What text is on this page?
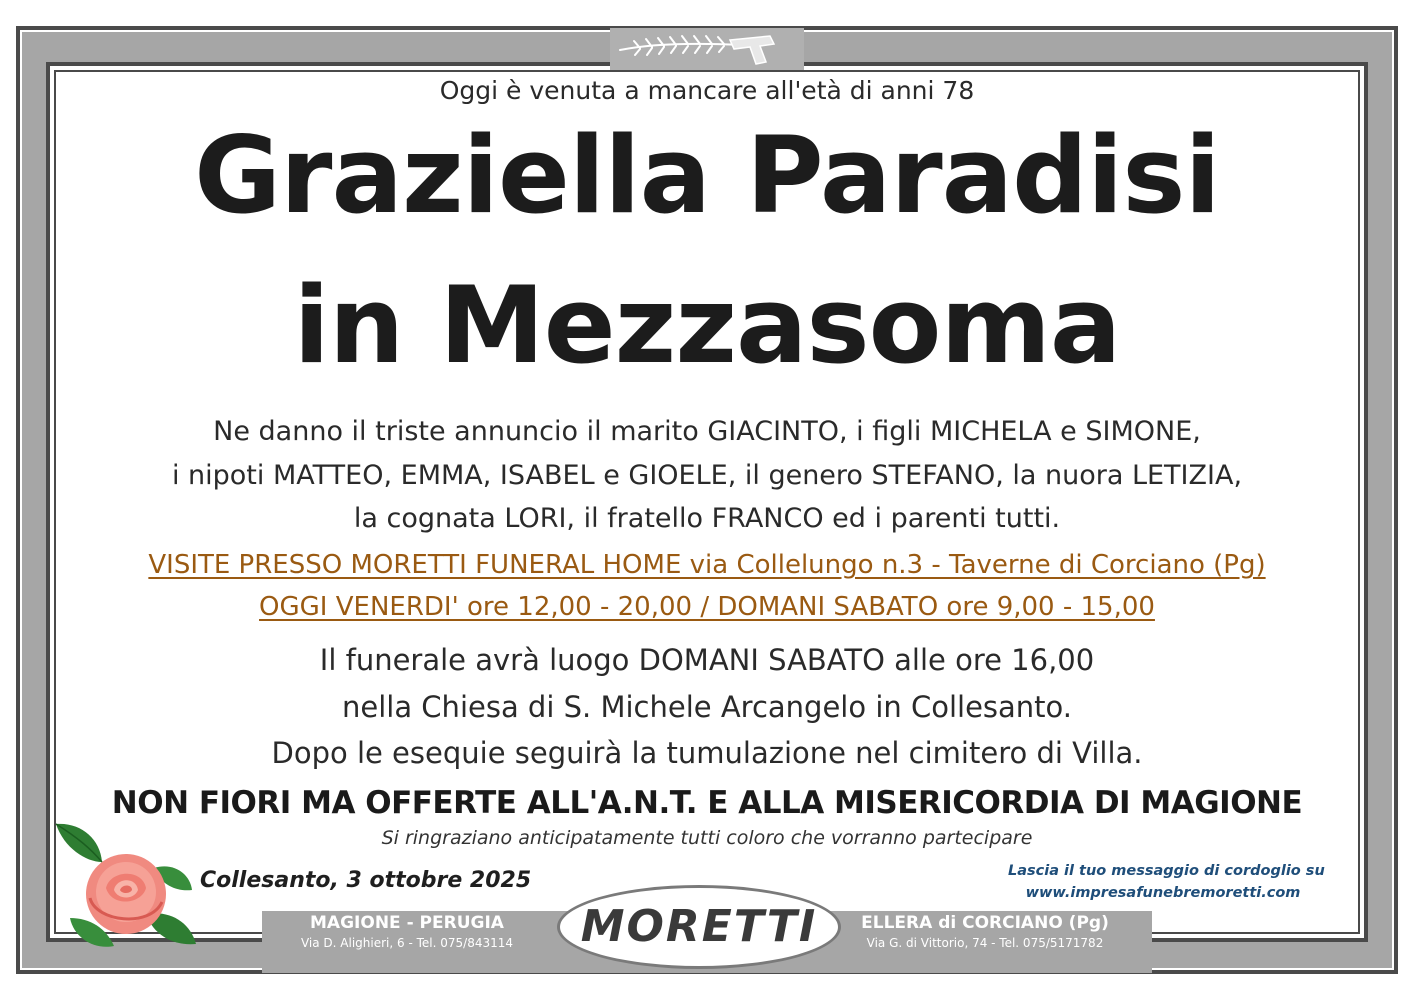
Oggi è venuta a mancare all'età di anni 78
Graziella Paradisi
in Mezzasoma
Ne danno il triste annuncio il marito GIACINTO, i figli MICHELA e SIMONE,
i nipoti MATTEO, EMMA, ISABEL e GIOELE, il genero STEFANO, la nuora LETIZIA,
la cognata LORI, il fratello FRANCO ed i parenti tutti.
VISITE PRESSO MORETTI FUNERAL HOME via Collelungo n.3 - Taverne di Corciano (Pg)
OGGI VENERDI' ore 12,00 - 20,00 / DOMANI SABATO ore 9,00 - 15,00
Il funerale avrà luogo DOMANI SABATO alle ore 16,00
nella Chiesa di S. Michele Arcangelo in Collesanto.
Dopo le esequie seguirà la tumulazione nel cimitero di Villa.
NON FIORI MA OFFERTE ALL'A.N.T. E ALLA MISERICORDIA DI MAGIONE
Si ringraziano anticipatamente tutti coloro che vorranno partecipare
Collesanto, 3 ottobre 2025	Lascia il tuo messaggio di cordoglio su
www.impresafunebremoretti.com
MAGIONE - PERUGIA
Via D. Alighieri, 6 - Tel. 075/843114
ELLERA di CORCIANO (Pg)
Via G. di Vittorio, 74 - Tel. 075/5171782
MORETTI
